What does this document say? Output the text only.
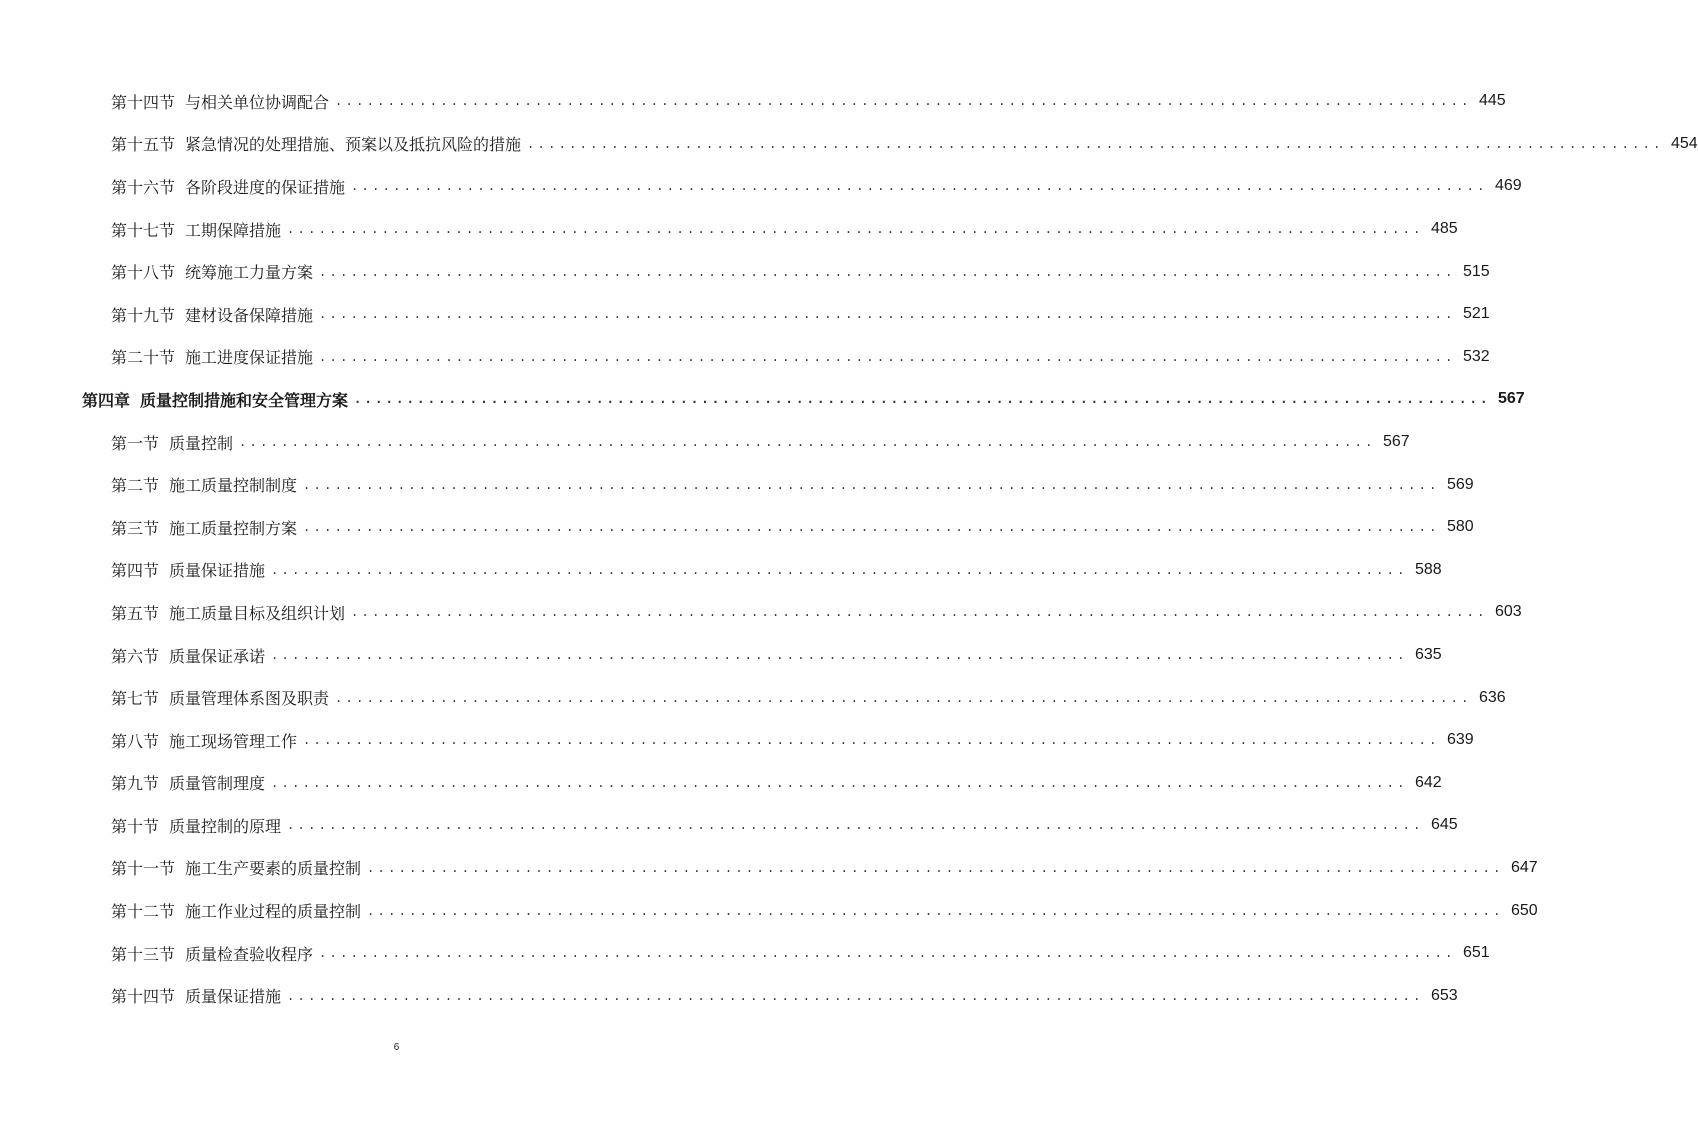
第十四节 与相关单位协调配合 ............................................................................................................ 445
第十五节 紧急情况的处理措施、预案以及抵抗风险的措施 ............................................................................................................ 454
第十六节 各阶段进度的保证措施 ............................................................................................................ 469
第十七节 工期保障措施 ............................................................................................................ 485
第十八节 统筹施工力量方案 ............................................................................................................ 515
第十九节 建材设备保障措施 ............................................................................................................ 521
第二十节 施工进度保证措施 ............................................................................................................ 532
第四章 质量控制措施和安全管理方案 ............................................................................................................ 567
第一节 质量控制 ............................................................................................................ 567
第二节 施工质量控制制度 ............................................................................................................ 569
第三节 施工质量控制方案 ............................................................................................................ 580
第四节 质量保证措施 ............................................................................................................ 588
第五节 施工质量目标及组织计划 ............................................................................................................ 603
第六节 质量保证承诺 ............................................................................................................ 635
第七节 质量管理体系图及职责 ............................................................................................................ 636
第八节 施工现场管理工作 ............................................................................................................ 639
第九节 质量管制理度 ............................................................................................................ 642
第十节 质量控制的原理 ............................................................................................................ 645
第十一节 施工生产要素的质量控制 ............................................................................................................ 647
第十二节 施工作业过程的质量控制 ............................................................................................................ 650
第十三节 质量检查验收程序 ............................................................................................................ 651
第十四节 质量保证措施 ............................................................................................................ 653
6
